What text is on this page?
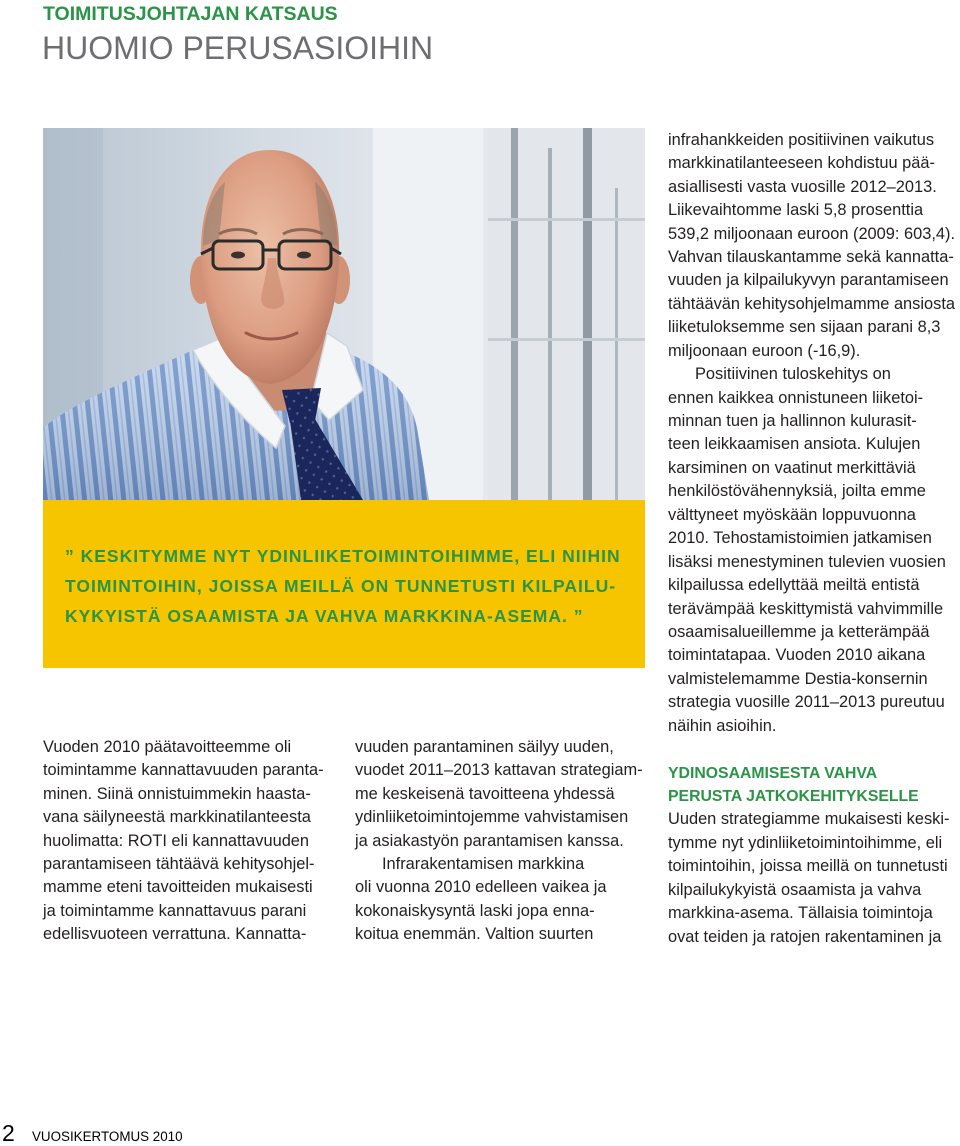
TOIMITUSJOHTAJAN KATSAUS
HUOMIO PERUSASIOIHIN
” KESKITYMME NYT YDINLIIKETOIMINTOIHIMME, ELI NIIHIN
TOIMINTOIHIN, JOISSA MEILLÄ ON TUNNETUSTI KILPAILU-
KYKYISTÄ OSAAMISTA JA VAHVA MARKKINA-ASEMA. ”
Vuoden 2010 päätavoitteemme oli
toimintamme kannattavuuden paranta-
minen. Siinä onnistuimmekin haasta-
vana säilyneestä markkinatilanteesta
huolimatta: ROTI eli kannattavuuden
parantamiseen tähtäävä kehitysohjel-
mamme eteni tavoitteiden mukaisesti
ja toimintamme kannattavuus parani
edellisvuoteen verrattuna. Kannatta-
vuuden parantaminen säilyy uuden,
vuodet 2011–2013 kattavan strategiam-
me keskeisenä tavoitteena yhdessä
ydinliiketoimintojemme vahvistamisen
ja asiakastyön parantamisen kanssa.
Infrarakentamisen markkina
oli vuonna 2010 edelleen vaikea ja
kokonaiskysyntä laski jopa enna-
koitua enemmän. Valtion suurten
infrahankkeiden positiivinen vaikutus
markkinatilanteeseen kohdistuu pää-
asiallisesti vasta vuosille 2012–2013.
Liikevaihtomme laski 5,8 prosenttia
539,2 miljoonaan euroon (2009: 603,4).
Vahvan tilauskantamme sekä kannatta-
vuuden ja kilpailukyvyn parantamiseen
tähtäävän kehitysohjelmamme ansiosta
liiketuloksemme sen sijaan parani 8,3
miljoonaan euroon (-16,9).
Positiivinen tuloskehitys on
ennen kaikkea onnistuneen liiketoi-
minnan tuen ja hallinnon kulurasit-
teen leikkaamisen ansiota. Kulujen
karsiminen on vaatinut merkittäviä
henkilöstövähennyksiä, joilta emme
välttyneet myöskään loppuvuonna
2010. Tehostamistoimien jatkamisen
lisäksi menestyminen tulevien vuosien
kilpailussa edellyttää meiltä entistä
terävämpää keskittymistä vahvimmille
osaamisalueillemme ja ketterämpää
toimintatapaa. Vuoden 2010 aikana
valmistelemamme Destia-konsernin
strategia vuosille 2011–2013 pureutuu
näihin asioihin.
YDINOSAAMISESTA VAHVA
PERUSTA JATKOKEHITYKSELLE
Uuden strategiamme mukaisesti keski-
tymme nyt ydinliiketoimintoihimme, eli
toimintoihin, joissa meillä on tunnetusti
kilpailukykyistä osaamista ja vahva
markkina-asema. Tällaisia toimintoja
ovat teiden ja ratojen rakentaminen ja
2 VUOSIKERTOMUS 2010
